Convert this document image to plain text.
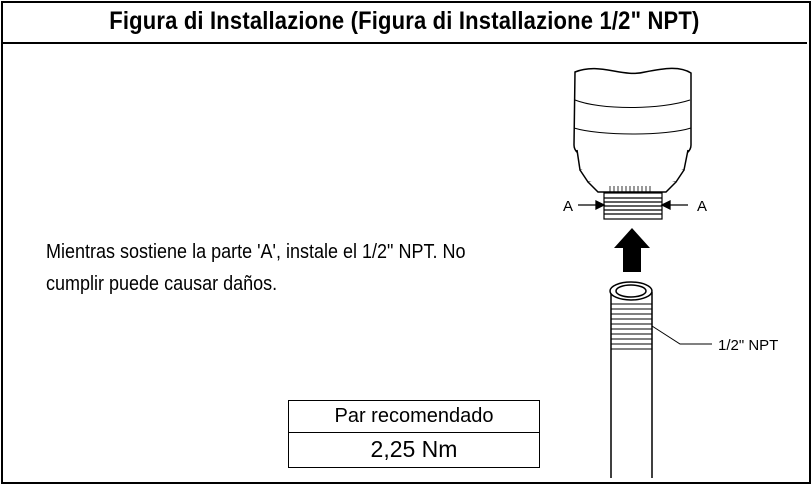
Figura di Installazione (Figura di Installazione 1/2" NPT)
Mientras sostiene la parte 'A', instale el 1/2" NPT. No cumplir puede causar daños.
Par recomendado
2,25 Nm
A	A
1/2" NPT
